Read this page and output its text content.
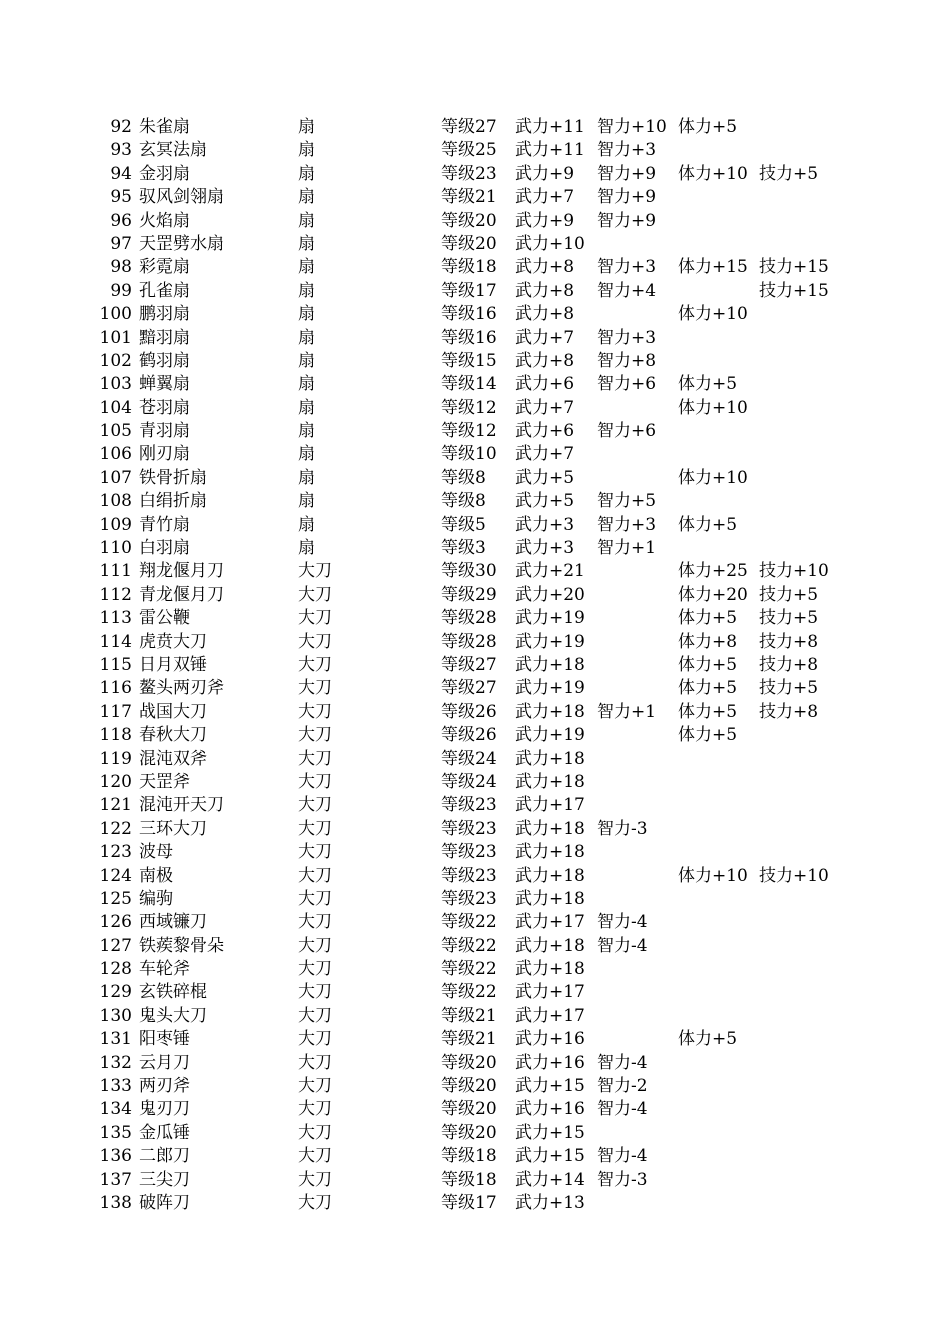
92 朱雀扇	扇	等级27 武力+11 智力+10 体力+5
93 玄冥法扇	扇	等级25 武力+11 智力+3
94 金羽扇	扇	等级23 武力+9 智力+9 体力+10 技力+5
95 驭风剑翎扇	扇	等级21 武力+7 智力+9
96 火焰扇	扇	等级20 武力+9 智力+9
97 天罡劈水扇	扇	等级20 武力+10
98 彩霓扇	扇	等级18 武力+8 智力+3 体力+15 技力+15
99 孔雀扇	扇	等级17 武力+8 智力+4	技力+15
100 鹏羽扇	扇	等级16 武力+8	体力+10
101 黯羽扇	扇	等级16 武力+7 智力+3
102 鹤羽扇	扇	等级15 武力+8 智力+8
103 蝉翼扇	扇	等级14 武力+6 智力+6 体力+5
104 苍羽扇	扇	等级12 武力+7	体力+10
105 青羽扇	扇	等级12 武力+6 智力+6
106 刚刃扇	扇	等级10 武力+7
107 铁骨折扇	扇	等级8 武力+5	体力+10
108 白绢折扇	扇	等级8 武力+5 智力+5
109 青竹扇	扇	等级5 武力+3 智力+3 体力+5
110 白羽扇	扇	等级3 武力+3 智力+1
111 翔龙偃月刀	大刀	等级30 武力+21	体力+25 技力+10
112 青龙偃月刀	大刀	等级29 武力+20	体力+20 技力+5
113 雷公鞭	大刀	等级28 武力+19	体力+5 技力+5
114 虎贲大刀	大刀	等级28 武力+19	体力+8 技力+8
115 日月双锤	大刀	等级27 武力+18	体力+5 技力+8
116 鳌头两刃斧	大刀	等级27 武力+19	体力+5 技力+5
117 战国大刀	大刀	等级26 武力+18 智力+1 体力+5 技力+8
118 春秋大刀	大刀	等级26 武力+19	体力+5
119 混沌双斧	大刀	等级24 武力+18
120 天罡斧	大刀	等级24 武力+18
121 混沌开天刀	大刀	等级23 武力+17
122 三环大刀	大刀	等级23 武力+18 智力-3
123 波母	大刀	等级23 武力+18
124 南极	大刀	等级23 武力+18	体力+10 技力+10
125 编驹	大刀	等级23 武力+18
126 西域镰刀	大刀	等级22 武力+17 智力-4
127 铁蒺黎骨朵	大刀	等级22 武力+18 智力-4
128 车轮斧	大刀	等级22 武力+18
129 玄铁碎棍	大刀	等级22 武力+17
130 鬼头大刀	大刀	等级21 武力+17
131 阳枣锤	大刀	等级21 武力+16	体力+5
132 云月刀	大刀	等级20 武力+16 智力-4
133 两刃斧	大刀	等级20 武力+15 智力-2
134 鬼刃刀	大刀	等级20 武力+16 智力-4
135 金瓜锤	大刀	等级20 武力+15
136 二郎刀	大刀	等级18 武力+15 智力-4
137 三尖刀	大刀	等级18 武力+14 智力-3
138 破阵刀	大刀	等级17 武力+13
